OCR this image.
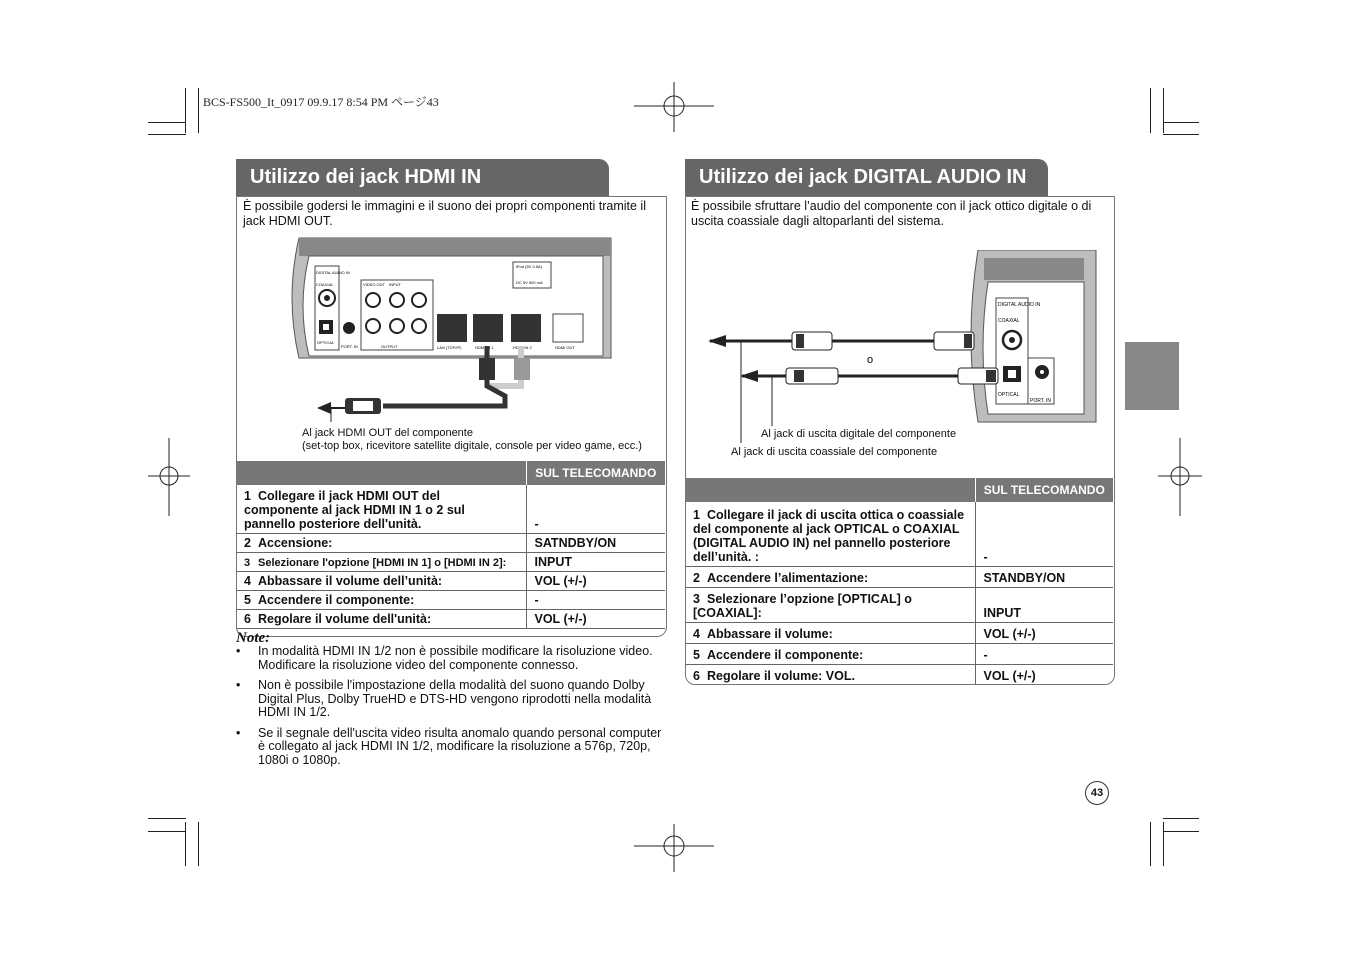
BCS-FS500_It_0917 09.9.17 8:54 PM ページ43
Utilizzo dei jack HDMI IN
È possibile godersi le immagini e il suono dei propri componenti tramite il jack HDMI OUT.
DIGITAL AUDIO IN
COAXIAL
OPTICAL
PORT. IN
VIDEO OUT INPUT
OUTPUT	LAN (TCP/IP)	HDMI IN 1	HDMI IN 2	HDMI OUT
iPod (5V 0.5A)
DC 5V 500 mA
Al jack HDMI OUT del componente
(set-top box, ricevitore satellite digitale, console per video game, ecc.)
	SUL TELECOMANDO
1 Collegare il jack HDMI OUT del componente al jack HDMI IN 1 o 2 sul pannello posteriore dell'unità.	-
2 Accensione:	SATNDBY/ON
3 Selezionare l'opzione [HDMI IN 1] o [HDMI IN 2]:	INPUT
4 Abbassare il volume dell’unità:	VOL (+/-)
5 Accendere il componente:	-
6 Regolare il volume dell'unità:	VOL (+/-)
Note:
• In modalità HDMI IN 1/2 non è possibile modificare la risoluzione video. Modificare la risoluzione video del componente connesso.
• Non è possibile l'impostazione della modalità del suono quando Dolby Digital Plus, Dolby TrueHD e DTS-HD vengono riprodotti nella modalità HDMI IN 1/2.
• Se il segnale dell'uscita video risulta anomalo quando personal computer è collegato al jack HDMI IN 1/2, modificare la risoluzione a 576p, 720p, 1080i o 1080p.
Utilizzo dei jack DIGITAL AUDIO IN
È possibile sfruttare l’audio del componente con il jack ottico digitale o di uscita coassiale dagli altoparlanti del sistema.
DIGITAL AUDIO IN
COAXIAL
OPTICAL
PORT. IN
o
Al jack di uscita digitale del componente
Al jack di uscita coassiale del componente
	SUL TELECOMANDO
1 Collegare il jack di uscita ottica o coassiale del componente al jack OPTICAL o COAXIAL (DIGITAL AUDIO IN) nel pannello posteriore dell’unità. :	-
2 Accendere l’alimentazione:	STANDBY/ON
3 Selezionare l’opzione [OPTICAL] o [COAXIAL]:	INPUT
4 Abbassare il volume:	VOL (+/-)
5 Accendere il componente:	-
6 Regolare il volume: VOL.	VOL (+/-)
43
